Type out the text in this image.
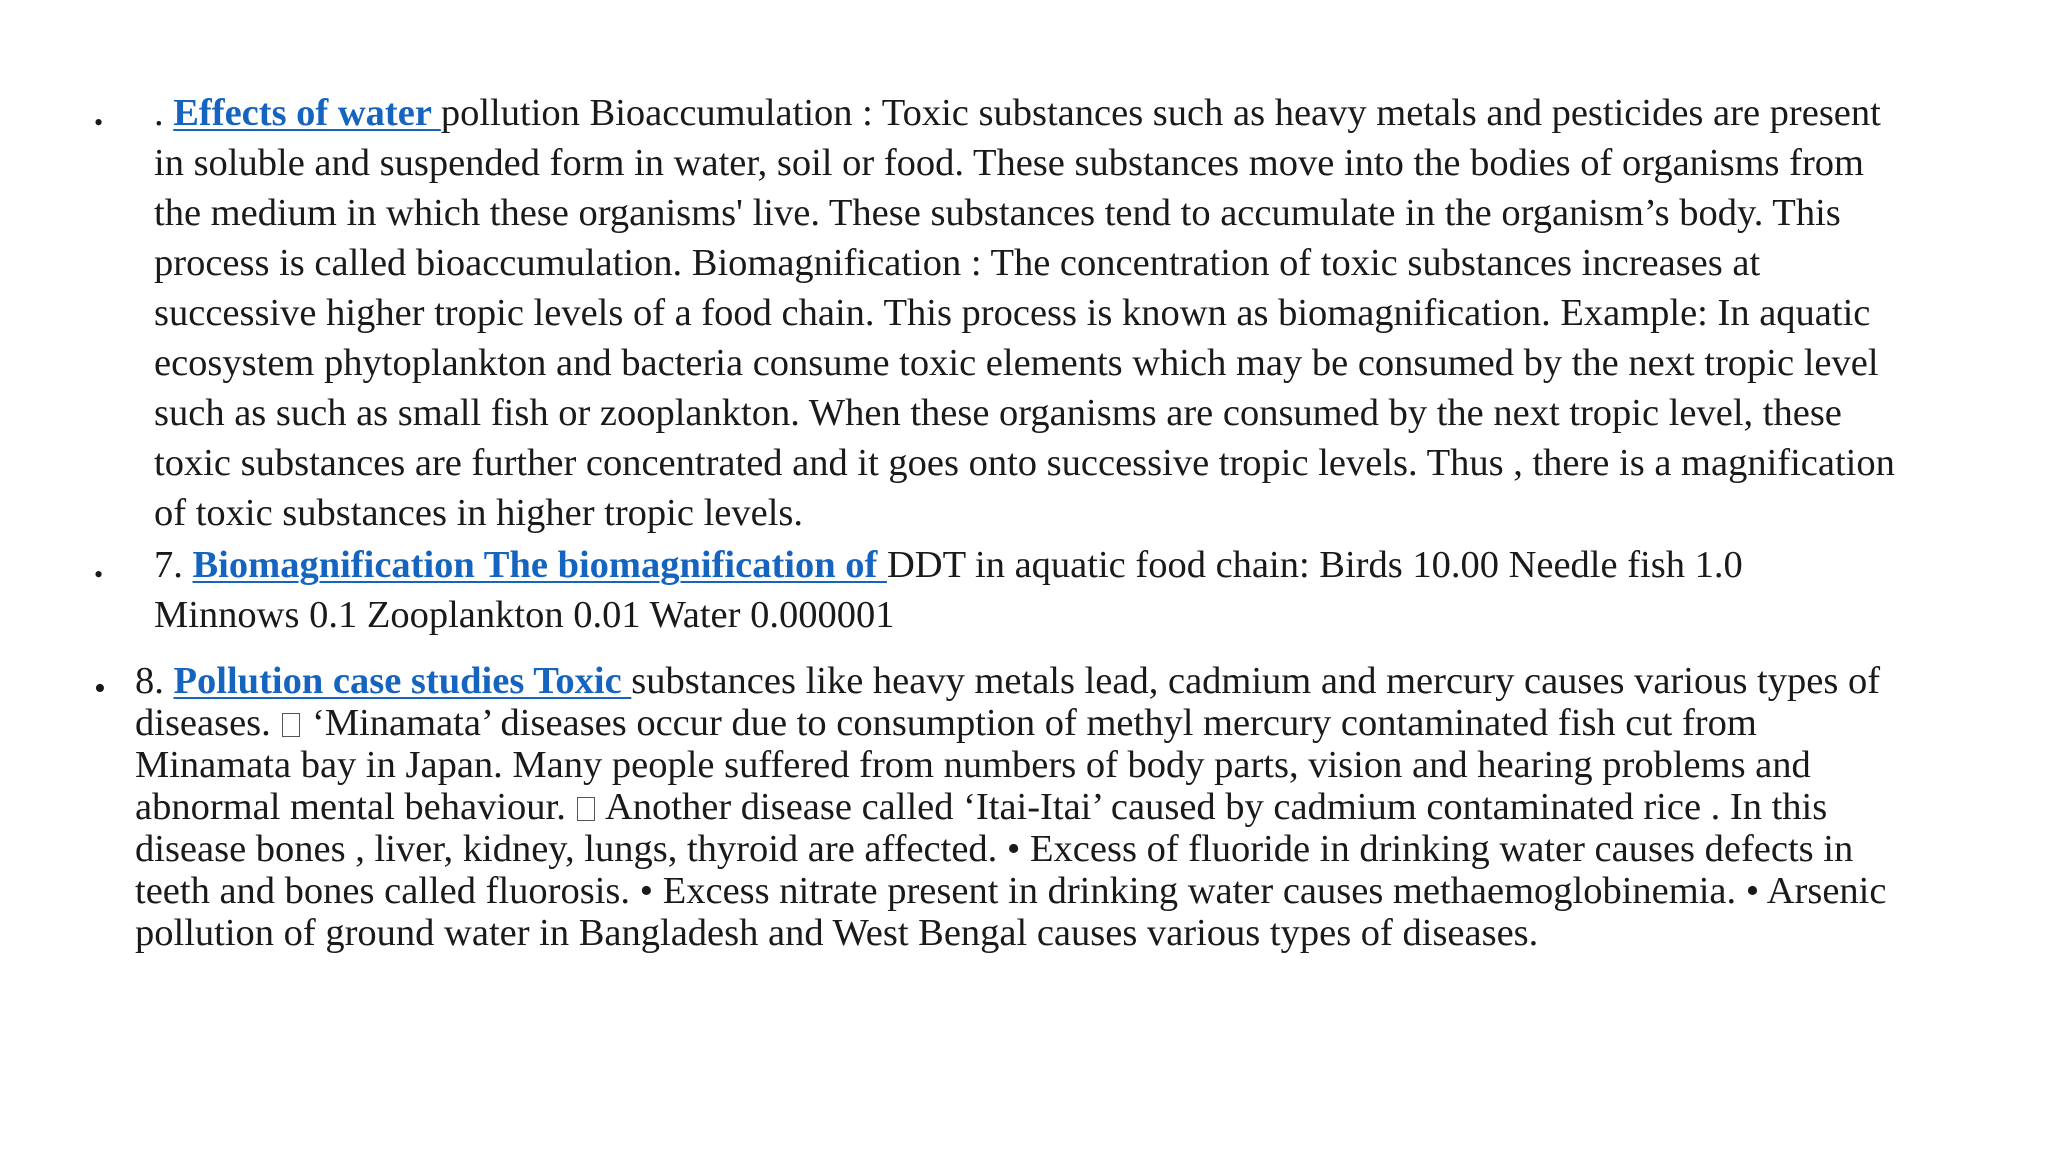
• . Effects of water pollution Bioaccumulation : Toxic substances such as heavy metals and pesticides are present
in soluble and suspended form in water, soil or food. These substances move into the bodies of organisms from
the medium in which these organisms' live. These substances tend to accumulate in the organism’s body. This
process is called bioaccumulation. Biomagnification : The concentration of toxic substances increases at
successive higher tropic levels of a food chain. This process is known as biomagnification. Example: In aquatic
ecosystem phytoplankton and bacteria consume toxic elements which may be consumed by the next tropic level
such as such as small fish or zooplankton. When these organisms are consumed by the next tropic level, these
toxic substances are further concentrated and it goes onto successive tropic levels. Thus , there is a magnification
of toxic substances in higher tropic levels.
• 7. Biomagnification The biomagnification of DDT in aquatic food chain: Birds 10.00 Needle fish 1.0
Minnows 0.1 Zooplankton 0.01 Water 0.000001
• 8. Pollution case studies Toxic substances like heavy metals lead, cadmium and mercury causes various types of
diseases.  ‘Minamata’ diseases occur due to consumption of methyl mercury contaminated fish cut from
Minamata bay in Japan. Many people suffered from numbers of body parts, vision and hearing problems and
abnormal mental behaviour.  Another disease called ‘Itai-Itai’ caused by cadmium contaminated rice . In this
disease bones , liver, kidney, lungs, thyroid are affected. • Excess of fluoride in drinking water causes defects in
teeth and bones called fluorosis. • Excess nitrate present in drinking water causes methaemoglobinemia. • Arsenic
pollution of ground water in Bangladesh and West Bengal causes various types of diseases.
